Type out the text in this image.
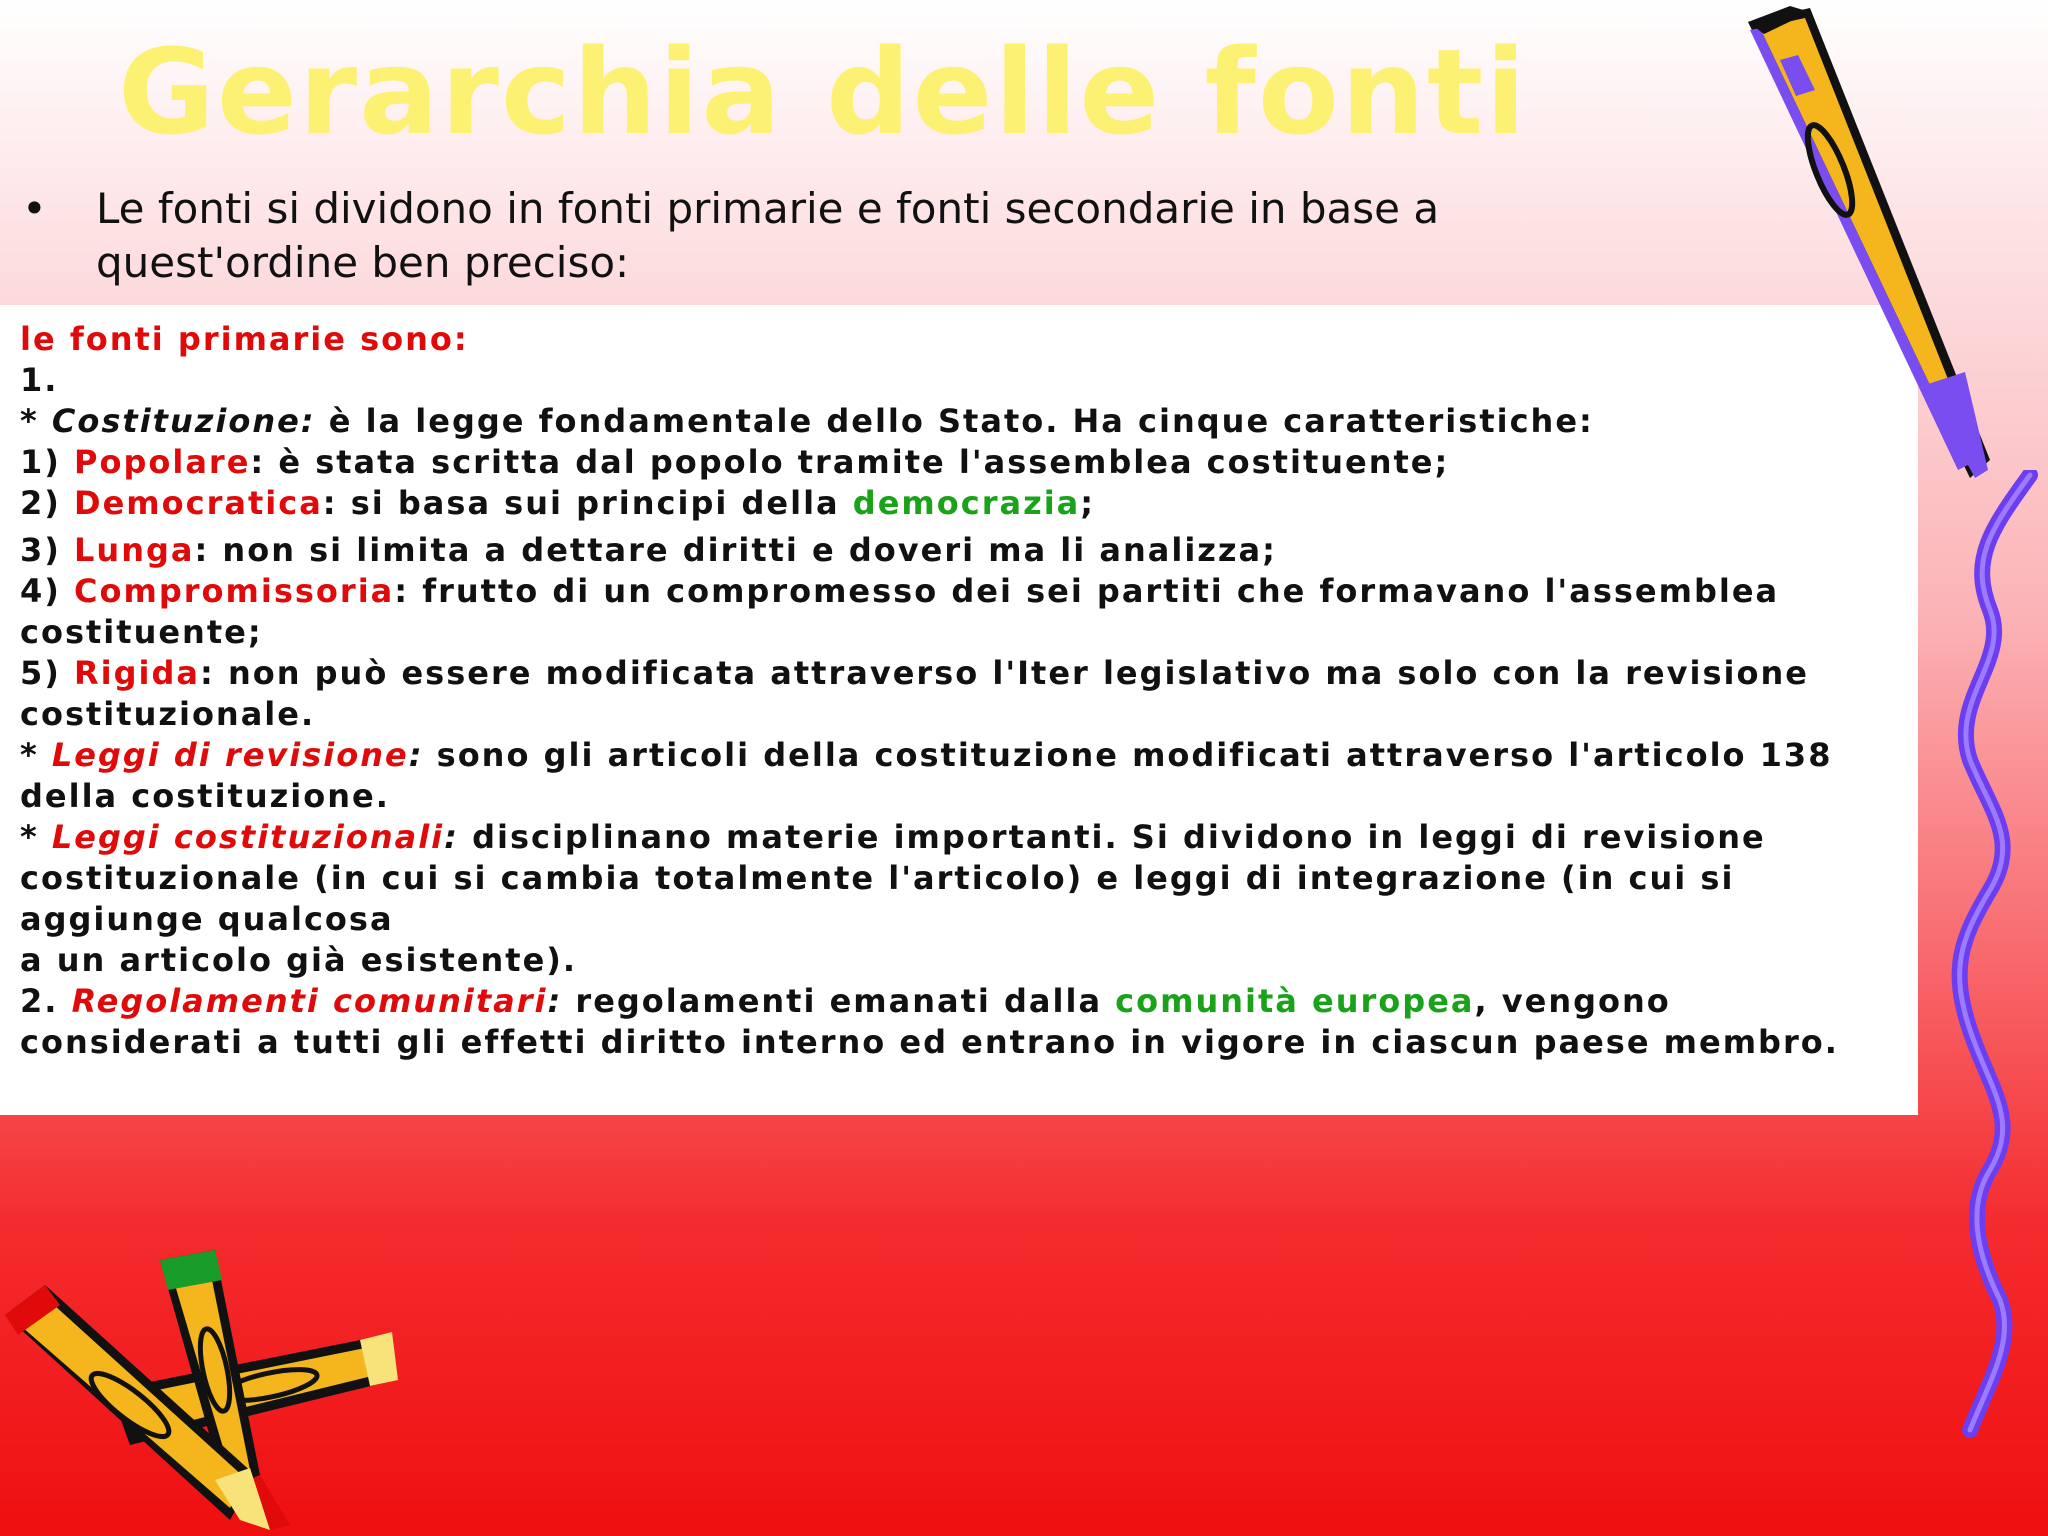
Gerarchia delle fonti
• Le fonti si dividono in fonti primarie e fonti secondarie in base a quest'ordine ben preciso:
le fonti primarie sono:
1.
* Costituzione: è la legge fondamentale dello Stato. Ha cinque caratteristiche:
1) Popolare: è stata scritta dal popolo tramite l'assemblea costituente;
2) Democratica: si basa sui principi della democrazia;
3) Lunga: non si limita a dettare diritti e doveri ma li analizza;
4) Compromissoria: frutto di un compromesso dei sei partiti che formavano l'assemblea costituente;
5) Rigida: non può essere modificata attraverso l'Iter legislativo ma solo con la revisione costituzionale.
* Leggi di revisione: sono gli articoli della costituzione modificati attraverso l'articolo 138 della costituzione.
* Leggi costituzionali: disciplinano materie importanti. Si dividono in leggi di revisione costituzionale (in cui si cambia totalmente l'articolo) e leggi di integrazione (in cui si aggiunge qualcosa
a un articolo già esistente).
2. Regolamenti comunitari: regolamenti emanati dalla comunità europea, vengono considerati a tutti gli effetti diritto interno ed entrano in vigore in ciascun paese membro.
